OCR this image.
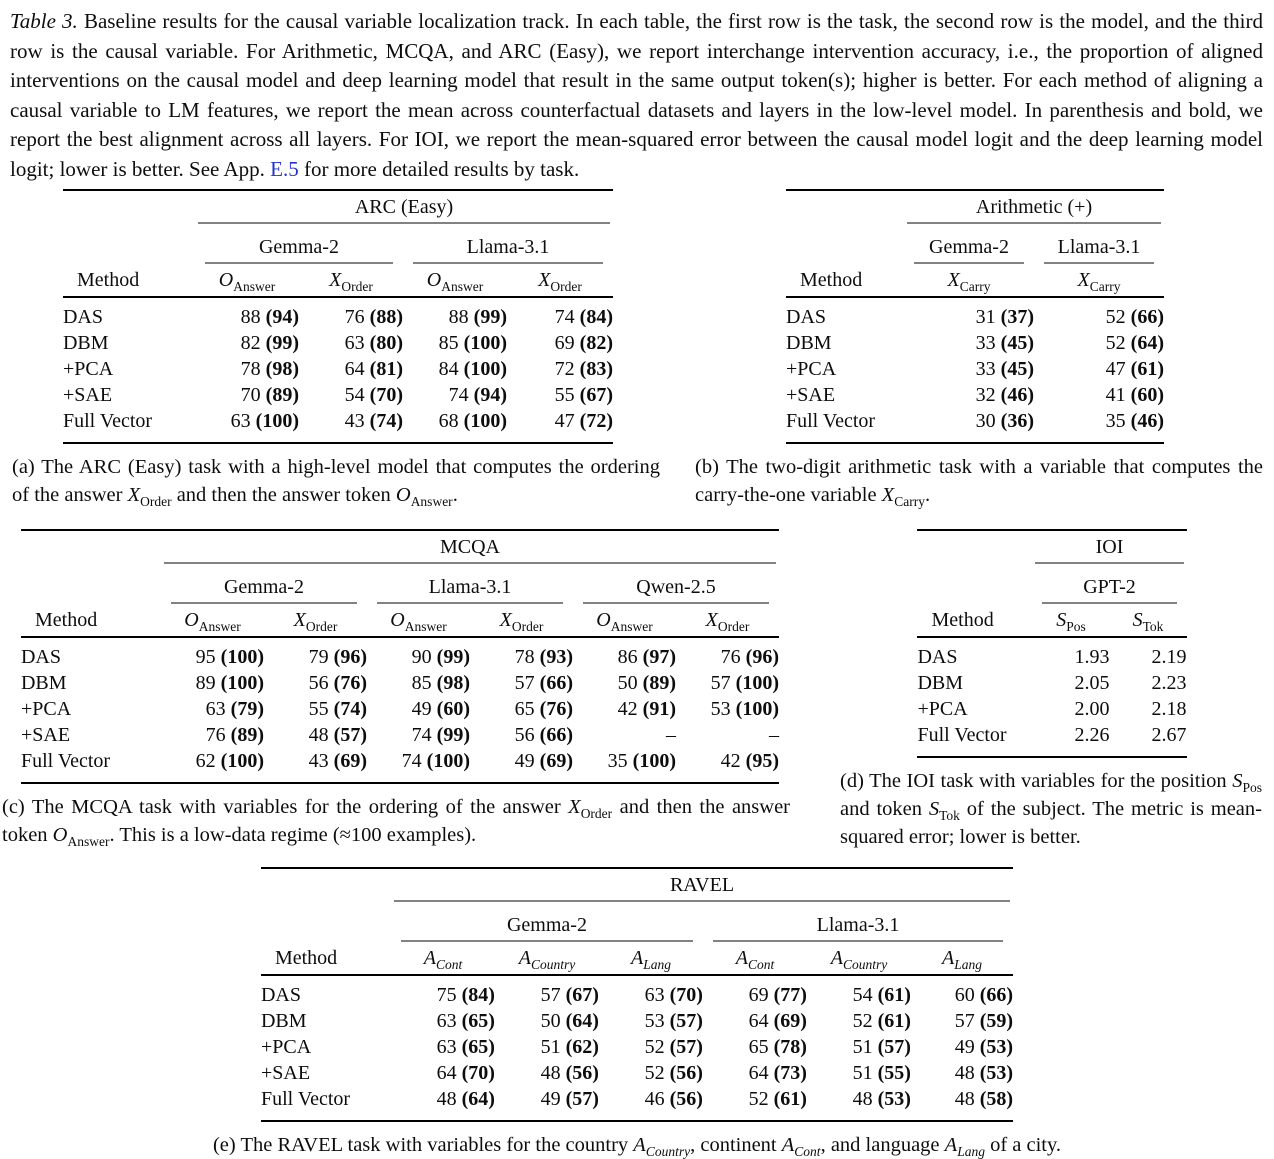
Table 3. Baseline results for the causal variable localization track. In each table, the first row is the task, the second row is the model, and the third row is the causal variable. For Arithmetic, MCQA, and ARC (Easy), we report interchange intervention accuracy, i.e., the proportion of aligned interventions on the causal model and deep learning model that result in the same output token(s); higher is better. For each method of aligning a causal variable to LM features, we report the mean across counterfactual datasets and layers in the low-level model. In parenthesis and bold, we report the best alignment across all layers. For IOI, we report the mean-squared error between the causal model logit and the deep learning model logit; lower is better. See App. E.5 for more detailed results by task.

	ARC (Easy)			

	Gemma-2		Llama-3.1	

Method	$O_{Answer}$	$X_{Order}$	$O_{Answer}$	$X_{Order}$
DAS	88 (94)	76 (88)	88 (99)	74 (84)
DBM	82 (99)	63 (80)	85 (100)	69 (82)
+PCA	78 (98)	64 (81)	84 (100)	72 (83)
+SAE	70 (89)	54 (70)	74 (94)	55 (67)
Full Vector	63 (100)	43 (74)	68 (100)	47 (72)

(a) The ARC (Easy) task with a high-level model that computes the ordering of the answer $X_{Order}$ and then the answer token $O_{Answer}$.

	Arithmetic (+)	

	Gemma-2	Llama-3.1

Method	$X_{Carry}$	$X_{Carry}$
DAS	31 (37)	52 (66)
DBM	33 (45)	52 (64)
+PCA	33 (45)	47 (61)
+SAE	32 (46)	41 (60)
Full Vector	30 (36)	35 (46)

(b) The two-digit arithmetic task with a variable that computes the carry-the-one variable $X_{Carry}$.

	MCQA					

	Gemma-2		Llama-3.1		Qwen-2.5	

Method	$O_{Answer}$	$X_{Order}$	$O_{Answer}$	$X_{Order}$	$O_{Answer}$	$X_{Order}$
DAS	95 (100)	79 (96)	90 (99)	78 (93)	86 (97)	76 (96)
DBM	89 (100)	56 (76)	85 (98)	57 (66)	50 (89)	57 (100)
+PCA	63 (79)	55 (74)	49 (60)	65 (76)	42 (91)	53 (100)
+SAE	76 (89)	48 (57)	74 (99)	56 (66)	–	–
Full Vector	62 (100)	43 (69)	74 (100)	49 (69)	35 (100)	42 (95)

(c) The MCQA task with variables for the ordering of the answer $X_{Order}$ and then the answer token $O_{Answer}$. This is a low-data regime (≈100 examples).

	IOI	

	GPT-2	

Method	$S_{Pos}$	$S_{Tok}$
DAS	1.93	2.19
DBM	2.05	2.23
+PCA	2.00	2.18
Full Vector	2.26	2.67

(d) The IOI task with variables for the position $S_{Pos}$ and token $S_{Tok}$ of the subject. The metric is mean-squared error; lower is better.

	RAVEL					

	Gemma-2			Llama-3.1		

Method	$A_{Cont}$	$A_{Country}$	$A_{Lang}$	$A_{Cont}$	$A_{Country}$	$A_{Lang}$
DAS	75 (84)	57 (67)	63 (70)	69 (77)	54 (61)	60 (66)
DBM	63 (65)	50 (64)	53 (57)	64 (69)	52 (61)	57 (59)
+PCA	63 (65)	51 (62)	52 (57)	65 (78)	51 (57)	49 (53)
+SAE	64 (70)	48 (56)	52 (56)	64 (73)	51 (55)	48 (53)
Full Vector	48 (64)	49 (57)	46 (56)	52 (61)	48 (53)	48 (58)

(e) The RAVEL task with variables for the country $A_{Country}$, continent $A_{Cont}$, and language $A_{Lang}$ of a city.
